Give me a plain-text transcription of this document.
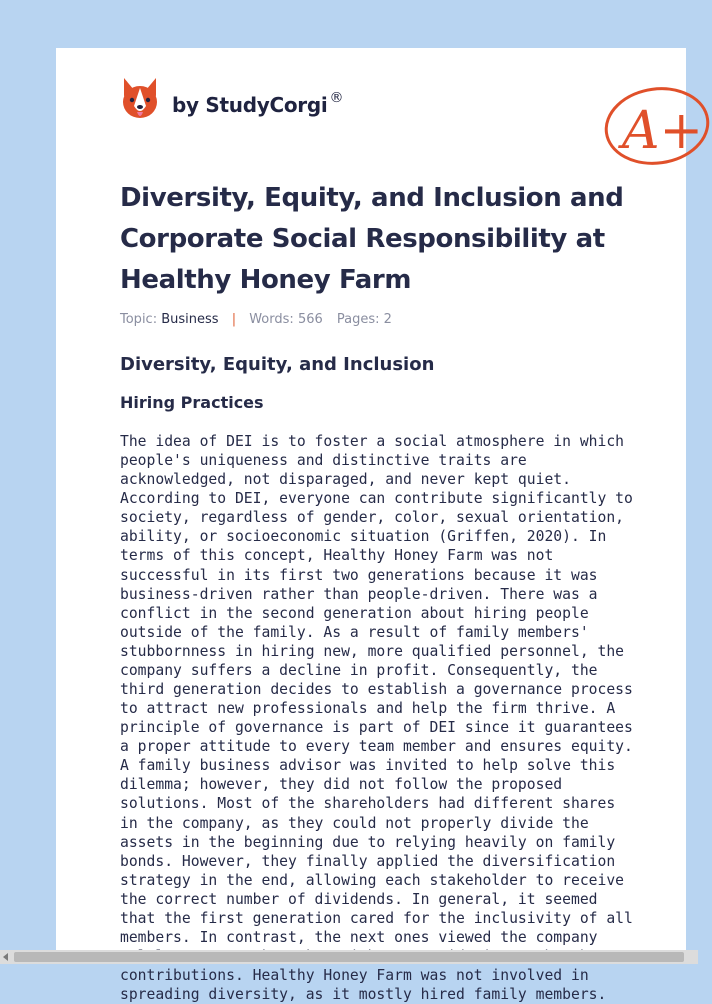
by StudyCorgi ®
A+
Diversity, Equity, and Inclusion and Corporate Social Responsibility at Healthy Honey Farm
Topic: Business | Words: 566 Pages: 2
Diversity, Equity, and Inclusion
Hiring Practices

The idea of DEI is to foster a social atmosphere in which people's uniqueness and distinctive traits are acknowledged, not disparaged, and never kept quiet. According to DEI, everyone can contribute significantly to society, regardless of gender, color, sexual orientation, ability, or socioeconomic situation (Griffen, 2020). In terms of this concept, Healthy Honey Farm was not successful in its first two generations because it was business-driven rather than people-driven. There was a conflict in the second generation about hiring people outside of the family. As a result of family members' stubbornness in hiring new, more qualified personnel, the company suffers a decline in profit. Consequently, the third generation decides to establish a governance process to attract new professionals and help the firm thrive. A principle of governance is part of DEI since it guarantees a proper attitude to every team member and ensures equity. A family business advisor was invited to help solve this dilemma; however, they did not follow the proposed solutions. Most of the shareholders had different shares in the company, as they could not properly divide the assets in the beginning due to relying heavily on family bonds. However, they finally applied the diversification strategy in the end, allowing each stakeholder to receive the correct number of dividends. In general, it seemed that the first generation cared for the inclusivity of all members. In contrast, the next ones viewed the company contributions. Healthy Honey Farm was not involved in spreading diversity, as it mostly hired family members.
